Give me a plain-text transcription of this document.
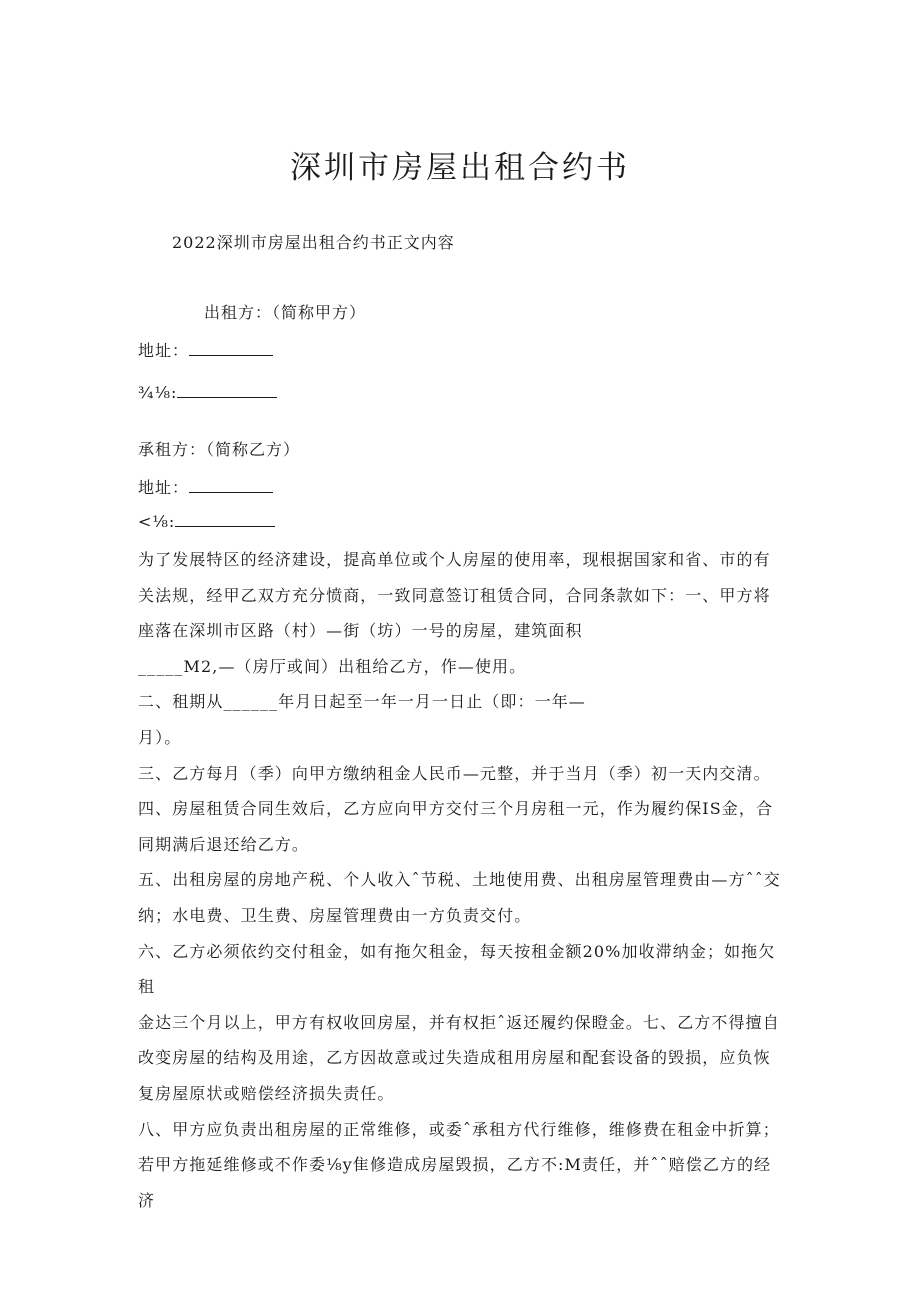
深圳市房屋出租合约书

2022深圳市房屋出租合约书正文内容

出租方：（简称甲方）

地址：

¾⅛:

承租方：（简称乙方）

地址：

<⅛:

为了发展特区的经济建设，提高单位或个人房屋的使用率，现根据国家和省、市的有
关法规，经甲乙双方充分愤商，一致同意签订租赁合同，合同条款如下：一、甲方将
座落在深圳市区路（村）—街（坊）一号的房屋，建筑面积
_____M2,—（房厅或间）出租给乙方，作—使用。
二、租期从______年月日起至一年一月一日止（即：一年—
月）。
三、乙方每月（季）向甲方缴纳租金人民币—元整，并于当月（季）初一天内交清。
四、房屋租赁合同生效后，乙方应向甲方交付三个月房租一元，作为履约保IS金，合
同期满后退还给乙方。
五、出租房屋的房地产税、个人收入ˆ节税、土地使用费、出租房屋管理费由—方ˆˆ交
纳；水电费、卫生费、房屋管理费由一方负责交付。
六、乙方必须依约交付租金，如有拖欠租金，每天按租金额20%加收滞纳金；如拖欠租
金达三个月以上，甲方有权收回房屋，并有权拒ˆ返还履约保瞪金。七、乙方不得擅自
改变房屋的结构及用途，乙方因故意或过失造成租用房屋和配套设备的毁损，应负恢
复房屋原状或赔偿经济损失责任。
八、甲方应负责出租房屋的正常维修，或委ˆ承租方代行维修，维修费在租金中折算；
若甲方拖延维修或不作委⅛y隹修造成房屋毁损，乙方不:M责任，并ˆˆ赔偿乙方的经济
